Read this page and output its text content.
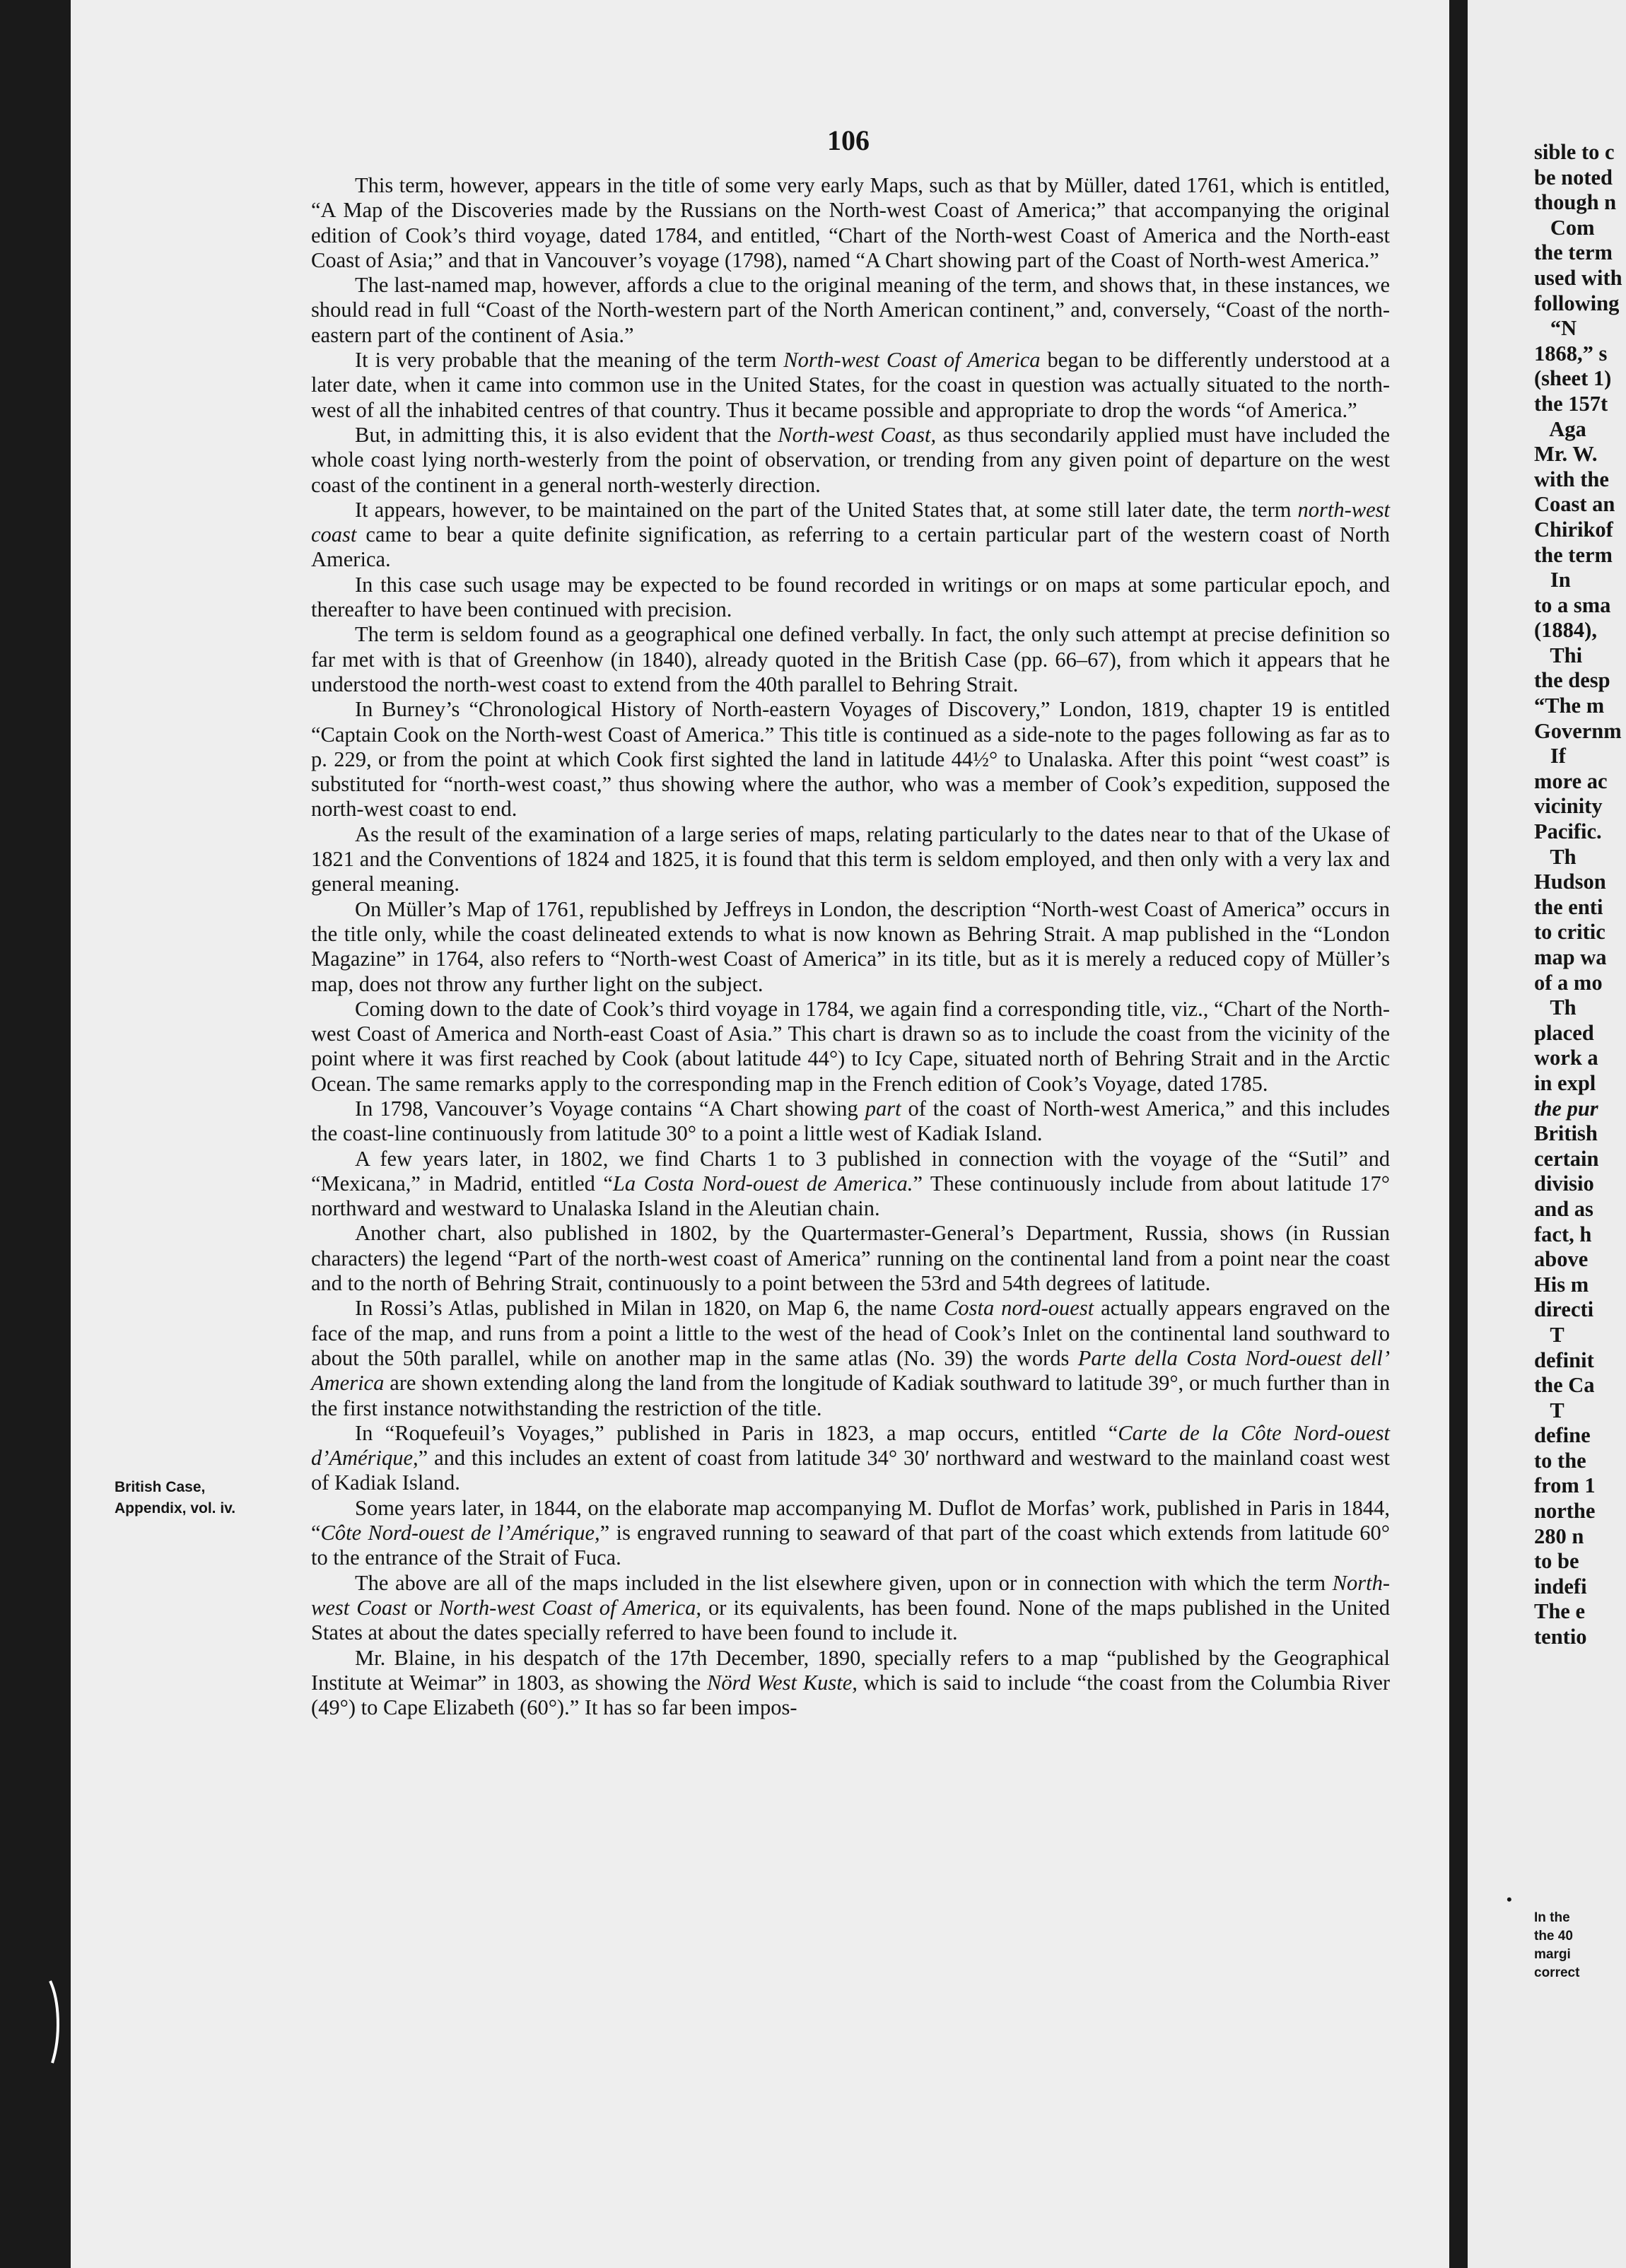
106

This term, however, appears in the title of some very early Maps, such as that by Müller, dated 1761, which is entitled, “A Map of the Discoveries made by the Russians on the North-west Coast of America;” that accompanying the original edition of Cook’s third voyage, dated 1784, and entitled, “Chart of the North-west Coast of America and the North-east Coast of Asia;” and that in Vancouver’s voyage (1798), named “A Chart showing part of the Coast of North-west America.”

The last-named map, however, affords a clue to the original meaning of the term, and shows that, in these instances, we should read in full “Coast of the North-western part of the North American continent,” and, conversely, “Coast of the north-eastern part of the continent of Asia.”

It is very probable that the meaning of the term North-west Coast of America began to be differently understood at a later date, when it came into common use in the United States, for the coast in question was actually situated to the north-west of all the inhabited centres of that country. Thus it became possible and appropriate to drop the words “of America.”

But, in admitting this, it is also evident that the North-west Coast, as thus secondarily applied must have included the whole coast lying north-westerly from the point of observation, or trending from any given point of departure on the west coast of the continent in a general north-westerly direction.

It appears, however, to be maintained on the part of the United States that, at some still later date, the term north-west coast came to bear a quite definite signification, as referring to a certain particular part of the western coast of North America.

In this case such usage may be expected to be found recorded in writings or on maps at some particular epoch, and thereafter to have been continued with precision.

The term is seldom found as a geographical one defined verbally. In fact, the only such attempt at precise definition so far met with is that of Greenhow (in 1840), already quoted in the British Case (pp. 66–67), from which it appears that he understood the north-west coast to extend from the 40th parallel to Behring Strait.

In Burney’s “Chronological History of North-eastern Voyages of Discovery,” London, 1819, chapter 19 is entitled “Captain Cook on the North-west Coast of America.” This title is continued as a side-note to the pages following as far as to p. 229, or from the point at which Cook first sighted the land in latitude 44½° to Unalaska. After this point “west coast” is substituted for “north-west coast,” thus showing where the author, who was a member of Cook’s expedition, supposed the north-west coast to end.

As the result of the examination of a large series of maps, relating particularly to the dates near to that of the Ukase of 1821 and the Conventions of 1824 and 1825, it is found that this term is seldom employed, and then only with a very lax and general meaning.

On Müller’s Map of 1761, republished by Jeffreys in London, the description “North-west Coast of America” occurs in the title only, while the coast delineated extends to what is now known as Behring Strait. A map published in the “London Magazine” in 1764, also refers to “North-west Coast of America” in its title, but as it is merely a reduced copy of Müller’s map, does not throw any further light on the subject.

Coming down to the date of Cook’s third voyage in 1784, we again find a corresponding title, viz., “Chart of the North-west Coast of America and North-east Coast of Asia.” This chart is drawn so as to include the coast from the vicinity of the point where it was first reached by Cook (about latitude 44°) to Icy Cape, situated north of Behring Strait and in the Arctic Ocean. The same remarks apply to the corresponding map in the French edition of Cook’s Voyage, dated 1785.

In 1798, Vancouver’s Voyage contains “A Chart showing part of the coast of North-west America,” and this includes the coast-line continuously from latitude 30° to a point a little west of Kadiak Island.

A few years later, in 1802, we find Charts 1 to 3 published in connection with the voyage of the “Sutil” and “Mexicana,” in Madrid, entitled “La Costa Nord-ouest de America.” These continuously include from about latitude 17° northward and westward to Unalaska Island in the Aleutian chain.

Another chart, also published in 1802, by the Quartermaster-General’s Department, Russia, shows (in Russian characters) the legend “Part of the north-west coast of America” running on the continental land from a point near the coast and to the north of Behring Strait, continuously to a point between the 53rd and 54th degrees of latitude.

In Rossi’s Atlas, published in Milan in 1820, on Map 6, the name Costa nord-ouest actually appears engraved on the face of the map, and runs from a point a little to the west of the head of Cook’s Inlet on the continental land southward to about the 50th parallel, while on another map in the same atlas (No. 39) the words Parte della Costa Nord-ouest dell’ America are shown extending along the land from the longitude of Kadiak southward to latitude 39°, or much further than in the first instance notwithstanding the restriction of the title.

In “Roquefeuil’s Voyages,” published in Paris in 1823, a map occurs, entitled “Carte de la Côte Nord-ouest d’Amérique,” and this includes an extent of coast from latitude 34° 30′ northward and westward to the mainland coast west of Kadiak Island.

Some years later, in 1844, on the elaborate map accompanying M. Duflot de Morfas’ work, published in Paris in 1844, “Côte Nord-ouest de l’Amérique,” is engraved running to seaward of that part of the coast which extends from latitude 60° to the entrance of the Strait of Fuca.

The above are all of the maps included in the list elsewhere given, upon or in connection with which the term North-west Coast or North-west Coast of America, or its equivalents, has been found. None of the maps published in the United States at about the dates specially referred to have been found to include it.

Mr. Blaine, in his despatch of the 17th December, 1890, specially refers to a map “published by the Geographical Institute at Weimar” in 1803, as showing the Nörd West Kuste, which is said to include “the coast from the Columbia River (49°) to Cape Elizabeth (60°).” It has so far been impos-

British Case,
Appendix, vol. iv.
sible to c
be noted
though n
Com
the term
used with
following
“N
1868,” s
(sheet 1)
the 157t
Aga
Mr. W.
with the
Coast an
Chirikof
the term
In
to a sma
(1884),
Thi
the desp
“The m
Governm
If
more ac
vicinity
Pacific.
Th
Hudson
the enti
to critic
map wa
of a mo
Th
placed
work a
in expl
the pur
British
certain
divisio
and as
fact, h
above
His m
directi
T
definit
the Ca
T
define
to the
from 1
northe
280 n
to be
indefi
The e
tentio
In the
the 40
margi
correct
•
